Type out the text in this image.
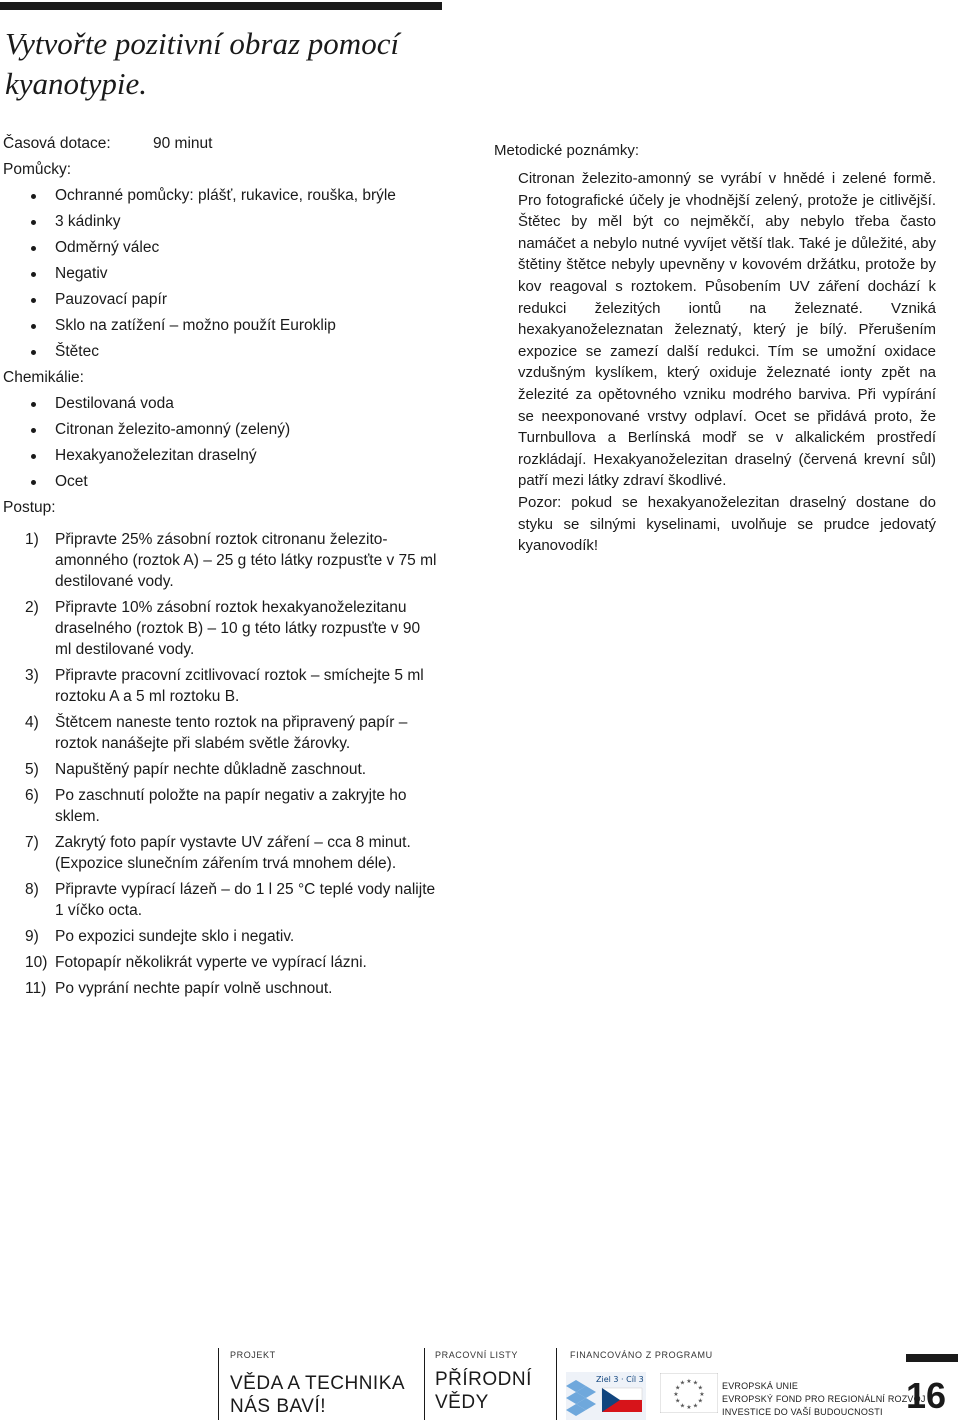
Vytvořte pozitivní obraz pomocí kyanotypie.
Časová dotace:	90 minut
Pomůcky:
Ochranné pomůcky: plášť, rukavice, rouška, brýle
3 kádinky
Odměrný válec
Negativ
Pauzovací papír
Sklo na zatížení – možno použít Euroklip
Štětec
Chemikálie:
Destilovaná voda
Citronan železito-amonný (zelený)
Hexakyanoželezitan draselný
Ocet
Postup:
1) Připravte 25% zásobní roztok citronanu železito-amonného (roztok A) – 25 g této látky rozpusťte v 75 ml destilované vody.
2) Připravte 10% zásobní roztok hexakyanoželezitanu draselného (roztok B) – 10 g této látky rozpusťte v 90 ml destilované vody.
3) Připravte pracovní zcitlivovací roztok – smíchejte 5 ml roztoku A a 5 ml roztoku B.
4) Štětcem naneste tento roztok na připravený papír – roztok nanášejte při slabém světle žárovky.
5) Napuštěný papír nechte důkladně zaschnout.
6) Po zaschnutí položte na papír negativ a zakryjte ho sklem.
7) Zakrytý foto papír vystavte UV záření – cca 8 minut. (Expozice slunečním zářením trvá mnohem déle).
8) Připravte vypírací lázeň – do 1 l 25 °C teplé vody nalijte 1 víčko octa.
9) Po expozici sundejte sklo i negativ.
10) Fotopapír několikrát vyperte ve vypírací lázni.
11) Po vyprání nechte papír volně uschnout.
Metodické poznámky:

Citronan železito-amonný se vyrábí v hnědé i zelené formě. Pro fotografické účely je vhodnější zelený, protože je citlivější. Štětec by měl být co nejměkčí, aby nebylo třeba často namáčet a nebylo nutné vyvíjet větší tlak. Také je důležité, aby štětiny štětce nebyly upevněny v kovovém držátku, protože by kov reagoval s roztokem. Působením UV záření dochází k redukci železitých iontů na železnaté. Vzniká hexakyanoželeznatan železnatý, který je bílý. Přerušením expozice se zamezí další redukci. Tím se umožní oxidace vzdušným kyslíkem, který oxiduje železnaté ionty zpět na železité za opětovného vzniku modrého barviva. Při vypírání se neexponované vrstvy odplaví. Ocet se přidává proto, že Turnbullova a Berlínská modř se v alkalickém prostředí rozkládají. Hexakyanoželezitan draselný (červená krevní sůl) patří mezi látky zdraví škodlivé.

Pozor: pokud se hexakyanoželezitan draselný dostane do styku se silnými kyselinami, uvolňuje se prudce jedovatý kyanovodík!

PROJEKT
VĚDA A TECHNIKA
NÁS BAVÍ!
PRACOVNÍ LISTY
PŘÍRODNÍ
VĚDY
FINANCOVÁNO Z PROGRAMU
Ziel 3 · Cíl 3
★
★
★
★
★
★
★
★
★ ★ ★
★ EVROPSKÁ UNIE
EVROPSKÝ FOND PRO REGIONÁLNÍ ROZVOJ
INVESTICE DO VAŠÍ BUDOUCNOSTI 16
